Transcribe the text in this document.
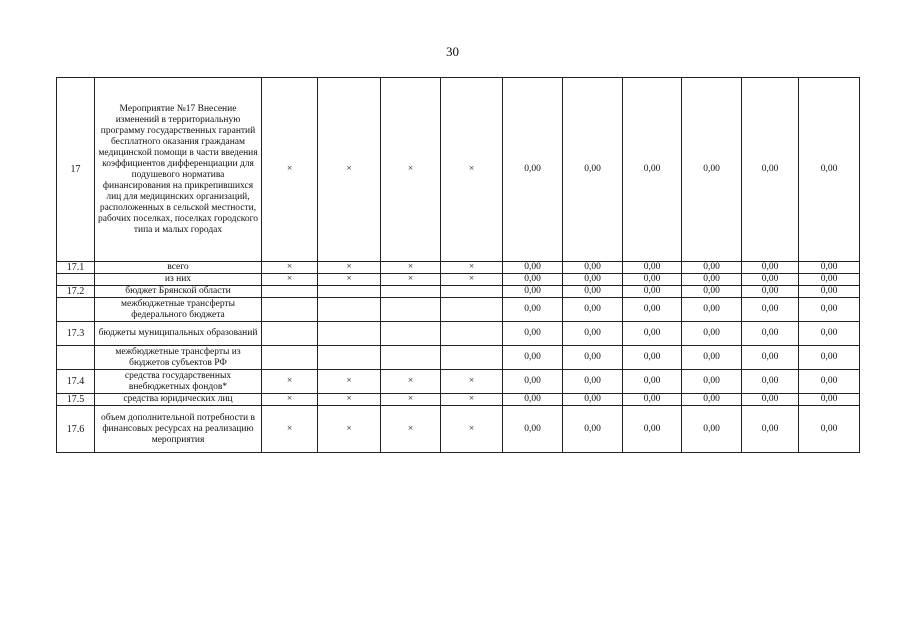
30
17	Мероприятие №17 Внесение изменений в территориальную программу государственных гарантий бесплатного оказания гражданам медицинской помощи в части введения коэффициентов дифференциации для подушевого норматива финансирования на прикрепившихся лиц для медицинских организаций, расположенных в сельской местности, рабочих поселках, поселках городского типа и малых городах	×	×	×	×	0,00	0,00	0,00	0,00	0,00	0,00
17.1	всего	×	×	×	×	0,00	0,00	0,00	0,00	0,00	0,00
	из них	×	×	×	×	0,00	0,00	0,00	0,00	0,00	0,00
17.2	бюджет Брянской области					0,00	0,00	0,00	0,00	0,00	0,00
	межбюджетные трансферты федерального бюджета					0,00	0,00	0,00	0,00	0,00	0,00
17.3	бюджеты муниципальных образований					0,00	0,00	0,00	0,00	0,00	0,00
	межбюджетные трансферты из бюджетов субъектов РФ					0,00	0,00	0,00	0,00	0,00	0,00
17.4	средства государственных внебюджетных фондов*	×	×	×	×	0,00	0,00	0,00	0,00	0,00	0,00
17.5	средства юридических лиц	×	×	×	×	0,00	0,00	0,00	0,00	0,00	0,00
17.6	объем дополнительной потребности в финансовых ресурсах на реализацию мероприятия	×	×	×	×	0,00	0,00	0,00	0,00	0,00	0,00
